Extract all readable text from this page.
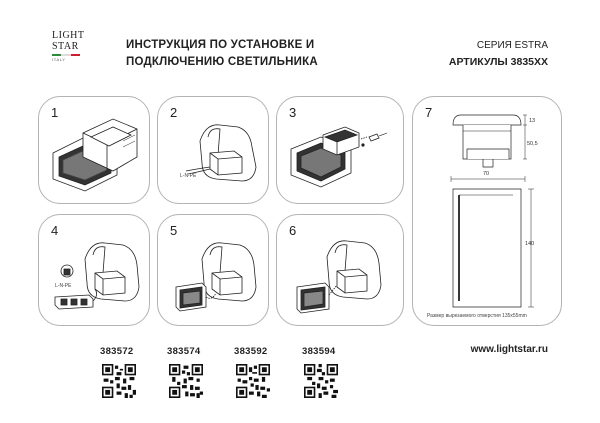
LIGHT
STAR
ITALY
ИНСТРУКЦИЯ ПО УСТАНОВКЕ И
ПОДКЛЮЧЕНИЮ СВЕТИЛЬНИКА
СЕРИЯ ESTRA
АРТИКУЛЫ 3835XX
1	2
L-N-PE
3	7
13
50,5
70
140
Размер вырезаемого отверстия 135х55mm
4
L-N-PE
5	6
383572	383574	383592	383594	www.lightstar.ru
